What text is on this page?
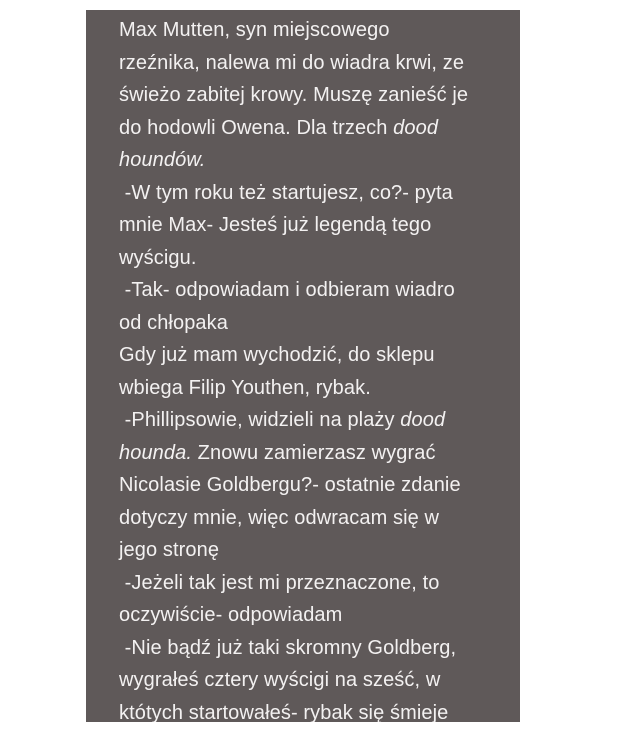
Max Mutten, syn miejscowego
rzeźnika, nalewa mi do wiadra krwi, ze
świeżo zabitej krowy. Muszę zanieść je
do hodowli Owena. Dla trzech dood
houndów.
-W tym roku też startujesz, co?- pyta
mnie Max- Jesteś już legendą tego
wyścigu.
-Tak- odpowiadam i odbieram wiadro
od chłopaka
Gdy już mam wychodzić, do sklepu
wbiega Filip Youthen, rybak.
-Phillipsowie, widzieli na plaży dood
hounda. Znowu zamierzasz wygrać
Nicolasie Goldbergu?- ostatnie zdanie
dotyczy mnie, więc odwracam się w
jego stronę
-Jeżeli tak jest mi przeznaczone, to
oczywiście- odpowiadam
-Nie bądź już taki skromny Goldberg,
wygrałeś cztery wyścigi na sześć, w
któtych startowałeś- rybak się śmieje
